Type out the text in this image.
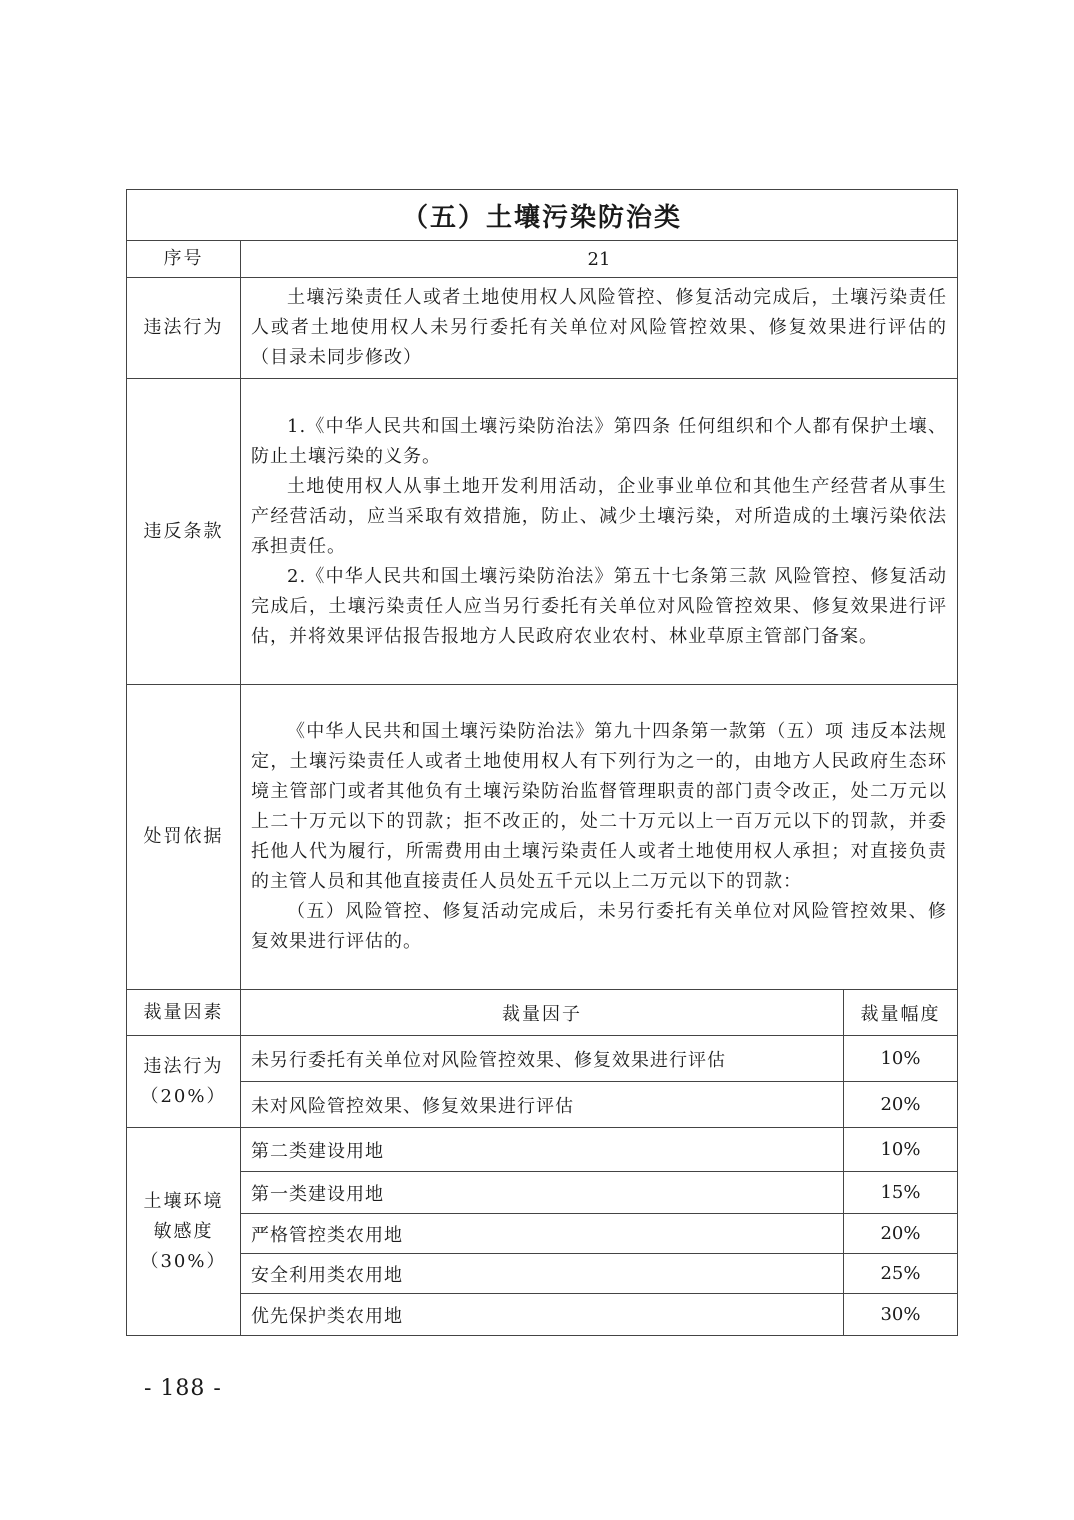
（五）土壤污染防治类		
序号	21	
违法行为	土壤污染责任人或者土地使用权人风险管控、修复活动完成后，土壤污染责任人或者土地使用权人未另行委托有关单位对风险管控效果、修复效果进行评估的（目录未同步修改）	

违反条款	1.《中华人民共和国土壤污染防治法》第四条 任何组织和个人都有保护土壤、防止土壤污染的义务。

土地使用权人从事土地开发利用活动，企业事业单位和其他生产经营者从事生产经营活动，应当采取有效措施，防止、减少土壤污染，对所造成的土壤污染依法承担责任。

2.《中华人民共和国土壤污染防治法》第五十七条第三款 风险管控、修复活动完成后，土壤污染责任人应当另行委托有关单位对风险管控效果、修复效果进行评估，并将效果评估报告报地方人民政府农业农村、林业草原主管部门备案。	

处罚依据	《中华人民共和国土壤污染防治法》第九十四条第一款第（五）项 违反本法规定，土壤污染责任人或者土地使用权人有下列行为之一的，由地方人民政府生态环境主管部门或者其他负有土壤污染防治监督管理职责的部门责令改正，处二万元以上二十万元以下的罚款；拒不改正的，处二十万元以上一百万元以下的罚款，并委托他人代为履行，所需费用由土壤污染责任人或者土地使用权人承担；对直接负责的主管人员和其他直接责任人员处五千元以上二万元以下的罚款：

（五）风险管控、修复活动完成后，未另行委托有关单位对风险管控效果、修复效果进行评估的。	

裁量因素	裁量因子	裁量幅度

违法行为
（20%）	未另行委托有关单位对风险管控效果、修复效果进行评估	10%
	未对风险管控效果、修复效果进行评估	20%

土壤环境
敏感度
（30%）	第二类建设用地	10%
	第一类建设用地	15%
	严格管控类农用地	20%
	安全利用类农用地	25%
	优先保护类农用地	30%
- 188 -
